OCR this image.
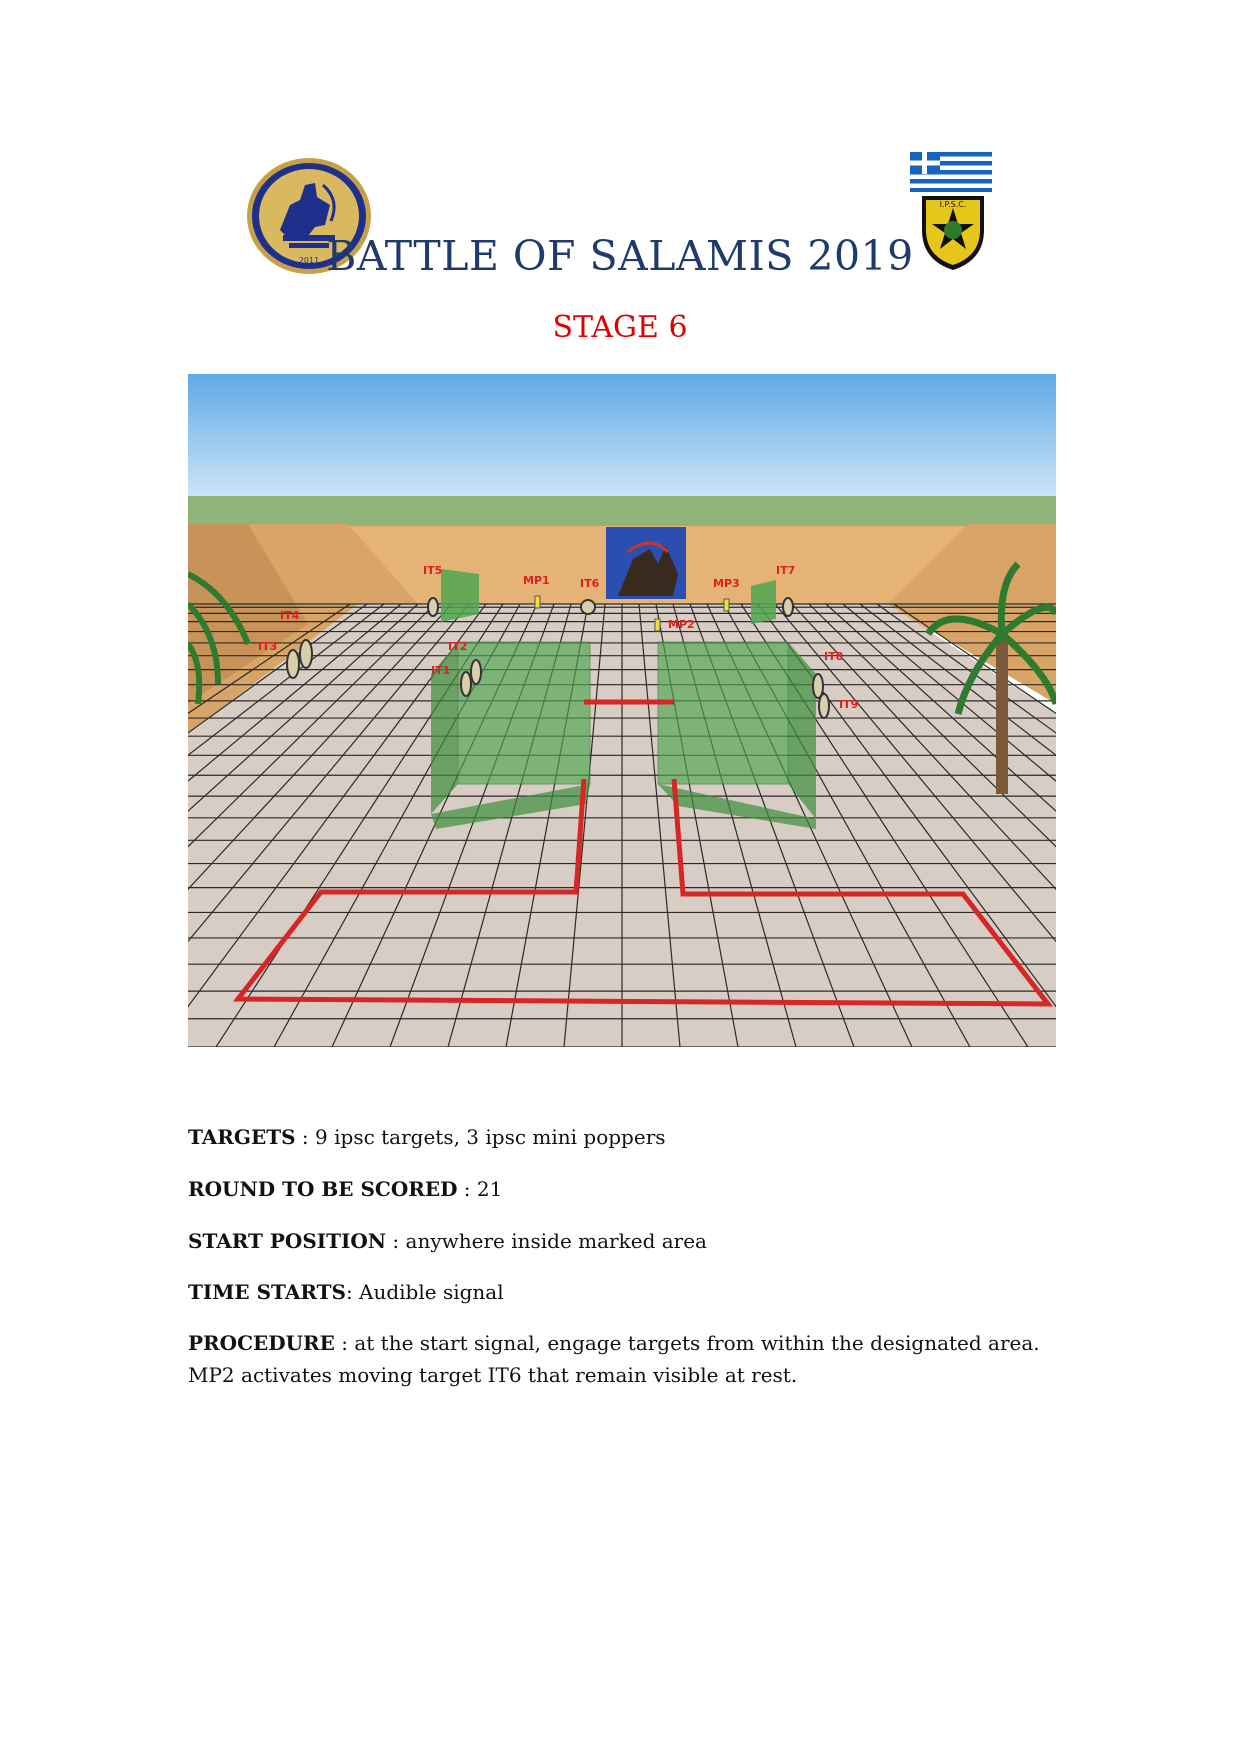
2011
I.P.S.C.
BATTLE OF SALAMIS 2019
STAGE 6
IT5
MP1	IT6	MP3
IT7
IT4
IT3	IT2
IT1
MP2
IT8
IT9
TARGETS : 9 ipsc targets, 3 ipsc mini poppers
ROUND TO BE SCORED : 21
START POSITION : anywhere inside marked area
TIME STARTS: Audible signal
PROCEDURE : at the start signal, engage targets from within the designated area. MP2 activates moving target IT6 that remain visible at rest.
